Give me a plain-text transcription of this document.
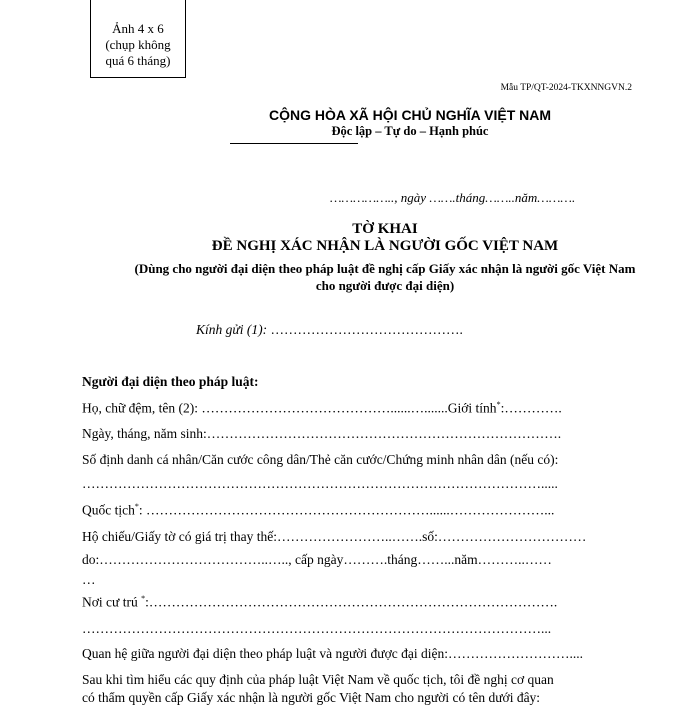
Ảnh 4 x 6
(chụp không
quá 6 tháng)
Mẫu TP/QT-2024-TKXNNGVN.2
CỘNG HÒA XÃ HỘI CHỦ NGHĨA VIỆT NAM
Độc lập – Tự do – Hạnh phúc
…………….., ngày …….tháng……..năm……….
TỜ KHAI
ĐỀ NGHỊ XÁC NHẬN LÀ NGƯỜI GỐC VIỆT NAM
(Dùng cho người đại diện theo pháp luật đề nghị cấp Giấy xác nhận là người gốc Việt Nam cho người được đại diện)
Kính gửi (1): …………………………………….
Người đại diện theo pháp luật:
Họ, chữ đệm, tên (2): ……………………………………......….......Giới tính*:………….
Ngày, tháng, năm sinh:…………………………………………………………………….
Số định danh cá nhân/Căn cước công dân/Thẻ căn cước/Chứng minh nhân dân (nếu có):
………………………………………………………………………………………….....
Quốc tịch*: ………………………………………………………......…………………...
Hộ chiếu/Giấy tờ có giá trị thay thế:……………………..…….số:……………………………
do:………………………………..….., cấp ngày……….tháng……...năm………..……
…
Nơi cư trú *:……………………………………………………………………………….
…………………………………………………………………………………………...
Quan hệ giữa người đại diện theo pháp luật và người được đại diện:………………………....
Sau khi tìm hiểu các quy định của pháp luật Việt Nam về quốc tịch, tôi đề nghị cơ quan
có thẩm quyền cấp Giấy xác nhận là người gốc Việt Nam cho người có tên dưới đây:
